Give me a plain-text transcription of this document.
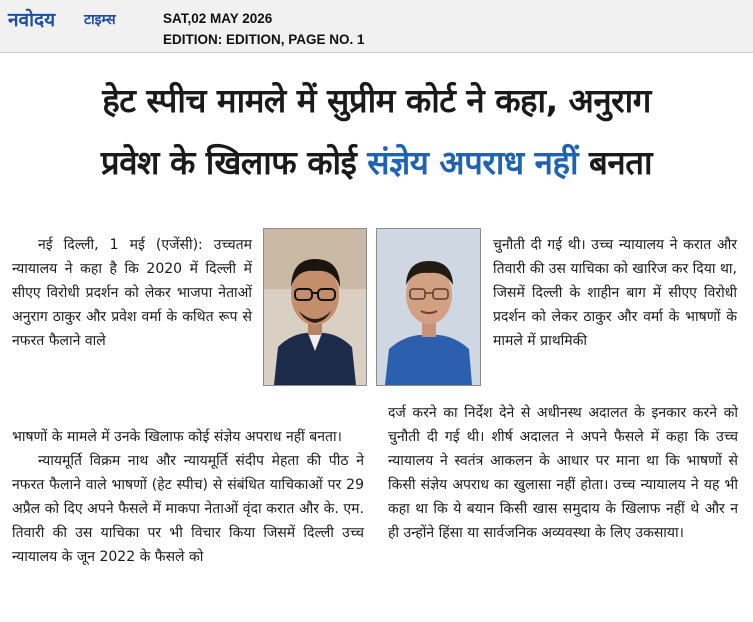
नवोदय टाइम्स	SAT,02 MAY 2026
EDITION: EDITION, PAGE NO. 1
हेट स्पीच मामले में सुप्रीम कोर्ट ने कहा, अनुराग
प्रवेश के खिलाफ कोई संज्ञेय अपराध नहीं बनता

नई दिल्ली, 1 मई (एजेंसी): उच्चतम न्यायालय ने कहा है कि 2020 में दिल्ली में सीएए विरोधी प्रदर्शन को लेकर भाजपा नेताओं अनुराग ठाकुर और प्रवेश वर्मा के कथित रूप से नफरत फैलाने वाले

भाषणों के मामले में उनके खिलाफ कोई संज्ञेय अपराध नहीं बनता।

न्यायमूर्ति विक्रम नाथ और न्यायमूर्ति संदीप मेहता की पीठ ने नफरत फैलाने वाले भाषणों (हेट स्पीच) से संबंधित याचिकाओं पर 29 अप्रैल को दिए अपने फैसले में माकपा नेताओं वृंदा करात और के. एम. तिवारी की उस याचिका पर भी विचार किया जिसमें दिल्ली उच्च न्यायालय के जून 2022 के फैसले को

चुनौती दी गई थी। उच्च न्यायालय ने करात और तिवारी की उस याचिका को खारिज कर दिया था, जिसमें दिल्ली के शाहीन बाग में सीएए विरोधी प्रदर्शन को लेकर ठाकुर और वर्मा के भाषणों के मामले में प्राथमिकी

दर्ज करने का निर्देश देने से अधीनस्थ अदालत के इनकार करने को चुनौती दी गई थी। शीर्ष अदालत ने अपने फैसले में कहा कि उच्च न्यायालय ने स्वतंत्र आकलन के आधार पर माना था कि भाषणों से किसी संज्ञेय अपराध का खुलासा नहीं होता। उच्च न्यायालय ने यह भी कहा था कि ये बयान किसी खास समुदाय के खिलाफ नहीं थे और न ही उन्होंने हिंसा या सार्वजनिक अव्यवस्था के लिए उकसाया।
